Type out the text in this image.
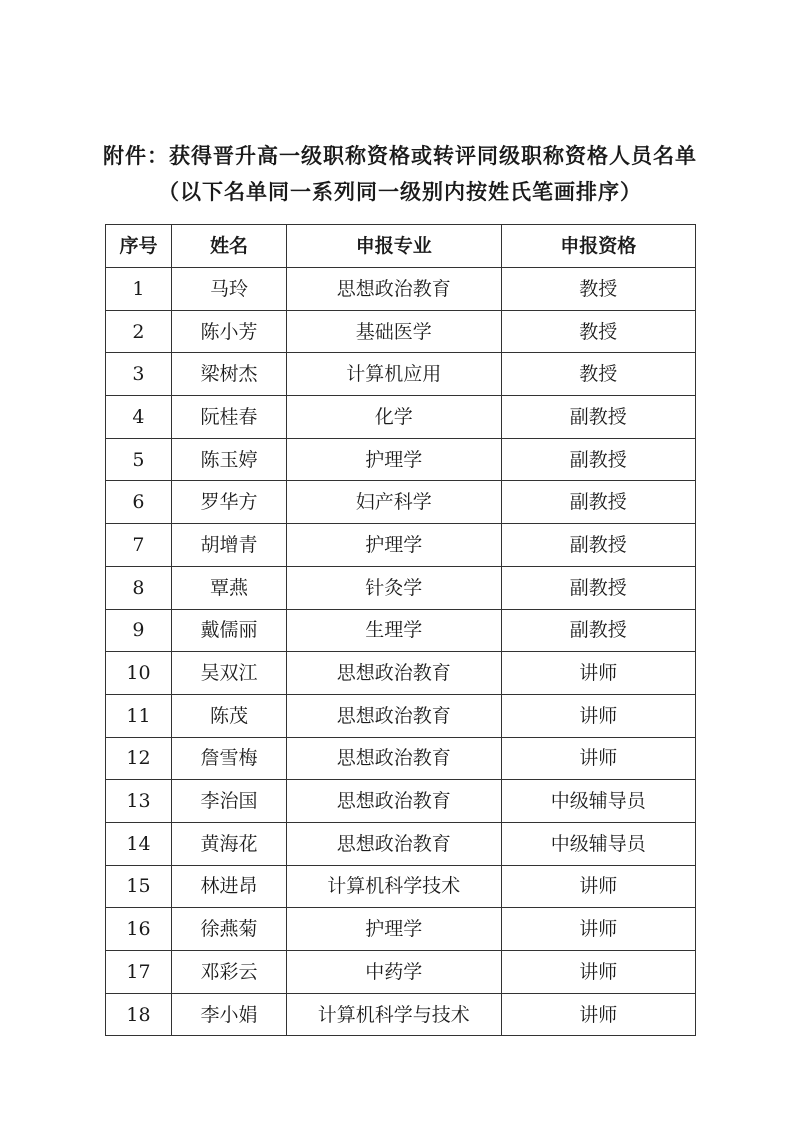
附件：获得晋升高一级职称资格或转评同级职称资格人员名单
（以下名单同一系列同一级别内按姓氏笔画排序）
序号	姓名	申报专业	申报资格
1	马玲	思想政治教育	教授
2	陈小芳	基础医学	教授
3	梁树杰	计算机应用	教授
4	阮桂春	化学	副教授
5	陈玉婷	护理学	副教授
6	罗华方	妇产科学	副教授
7	胡增青	护理学	副教授
8	覃燕	针灸学	副教授
9	戴儒丽	生理学	副教授
10	吴双江	思想政治教育	讲师
11	陈茂	思想政治教育	讲师
12	詹雪梅	思想政治教育	讲师
13	李治国	思想政治教育	中级辅导员
14	黄海花	思想政治教育	中级辅导员
15	林进昂	计算机科学技术	讲师
16	徐燕菊	护理学	讲师
17	邓彩云	中药学	讲师
18	李小娟	计算机科学与技术	讲师
